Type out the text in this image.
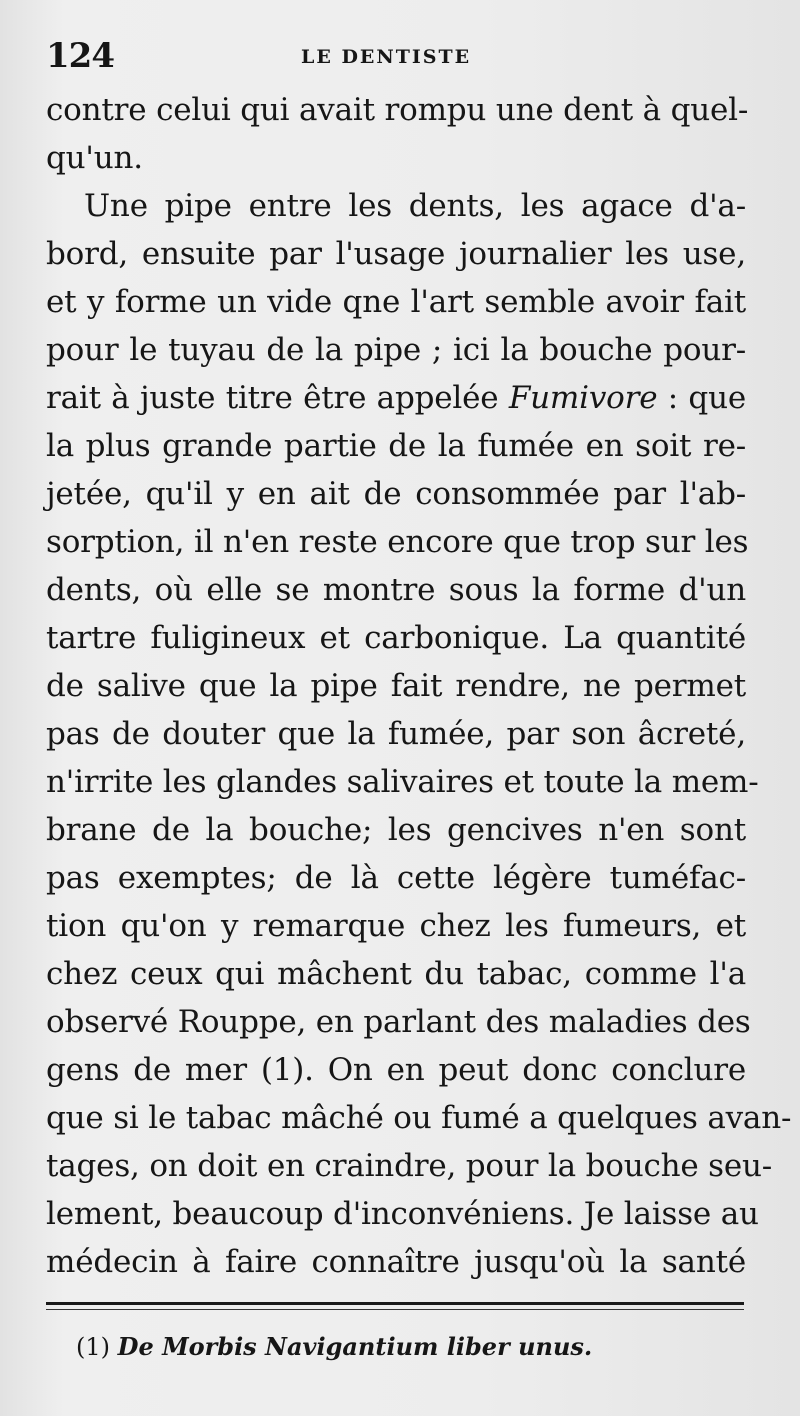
124	LE DENTISTE
contre celui qui avait rompu une dent à quel-
qu'un.
Une pipe entre les dents, les agace d'a-
bord, ensuite par l'usage journalier les use,
et y forme un vide qne l'art semble avoir fait
pour le tuyau de la pipe ; ici la bouche pour-
rait à juste titre être appelée Fumivore : que
la plus grande partie de la fumée en soit re-
jetée, qu'il y en ait de consommée par l'ab-
sorption, il n'en reste encore que trop sur les
dents, où elle se montre sous la forme d'un
tartre fuligineux et carbonique. La quantité
de salive que la pipe fait rendre, ne permet
pas de douter que la fumée, par son âcreté,
n'irrite les glandes salivaires et toute la mem-
brane de la bouche; les gencives n'en sont
pas exemptes; de là cette légère tuméfac-
tion qu'on y remarque chez les fumeurs, et
chez ceux qui mâchent du tabac, comme l'a
observé Rouppe, en parlant des maladies des
gens de mer (1). On en peut donc conclure
que si le tabac mâché ou fumé a quelques avan-
tages, on doit en craindre, pour la bouche seu-
lement, beaucoup d'inconvéniens. Je laisse au
médecin à faire connaître jusqu'où la santé
(1) De Morbis Navigantium liber unus.
